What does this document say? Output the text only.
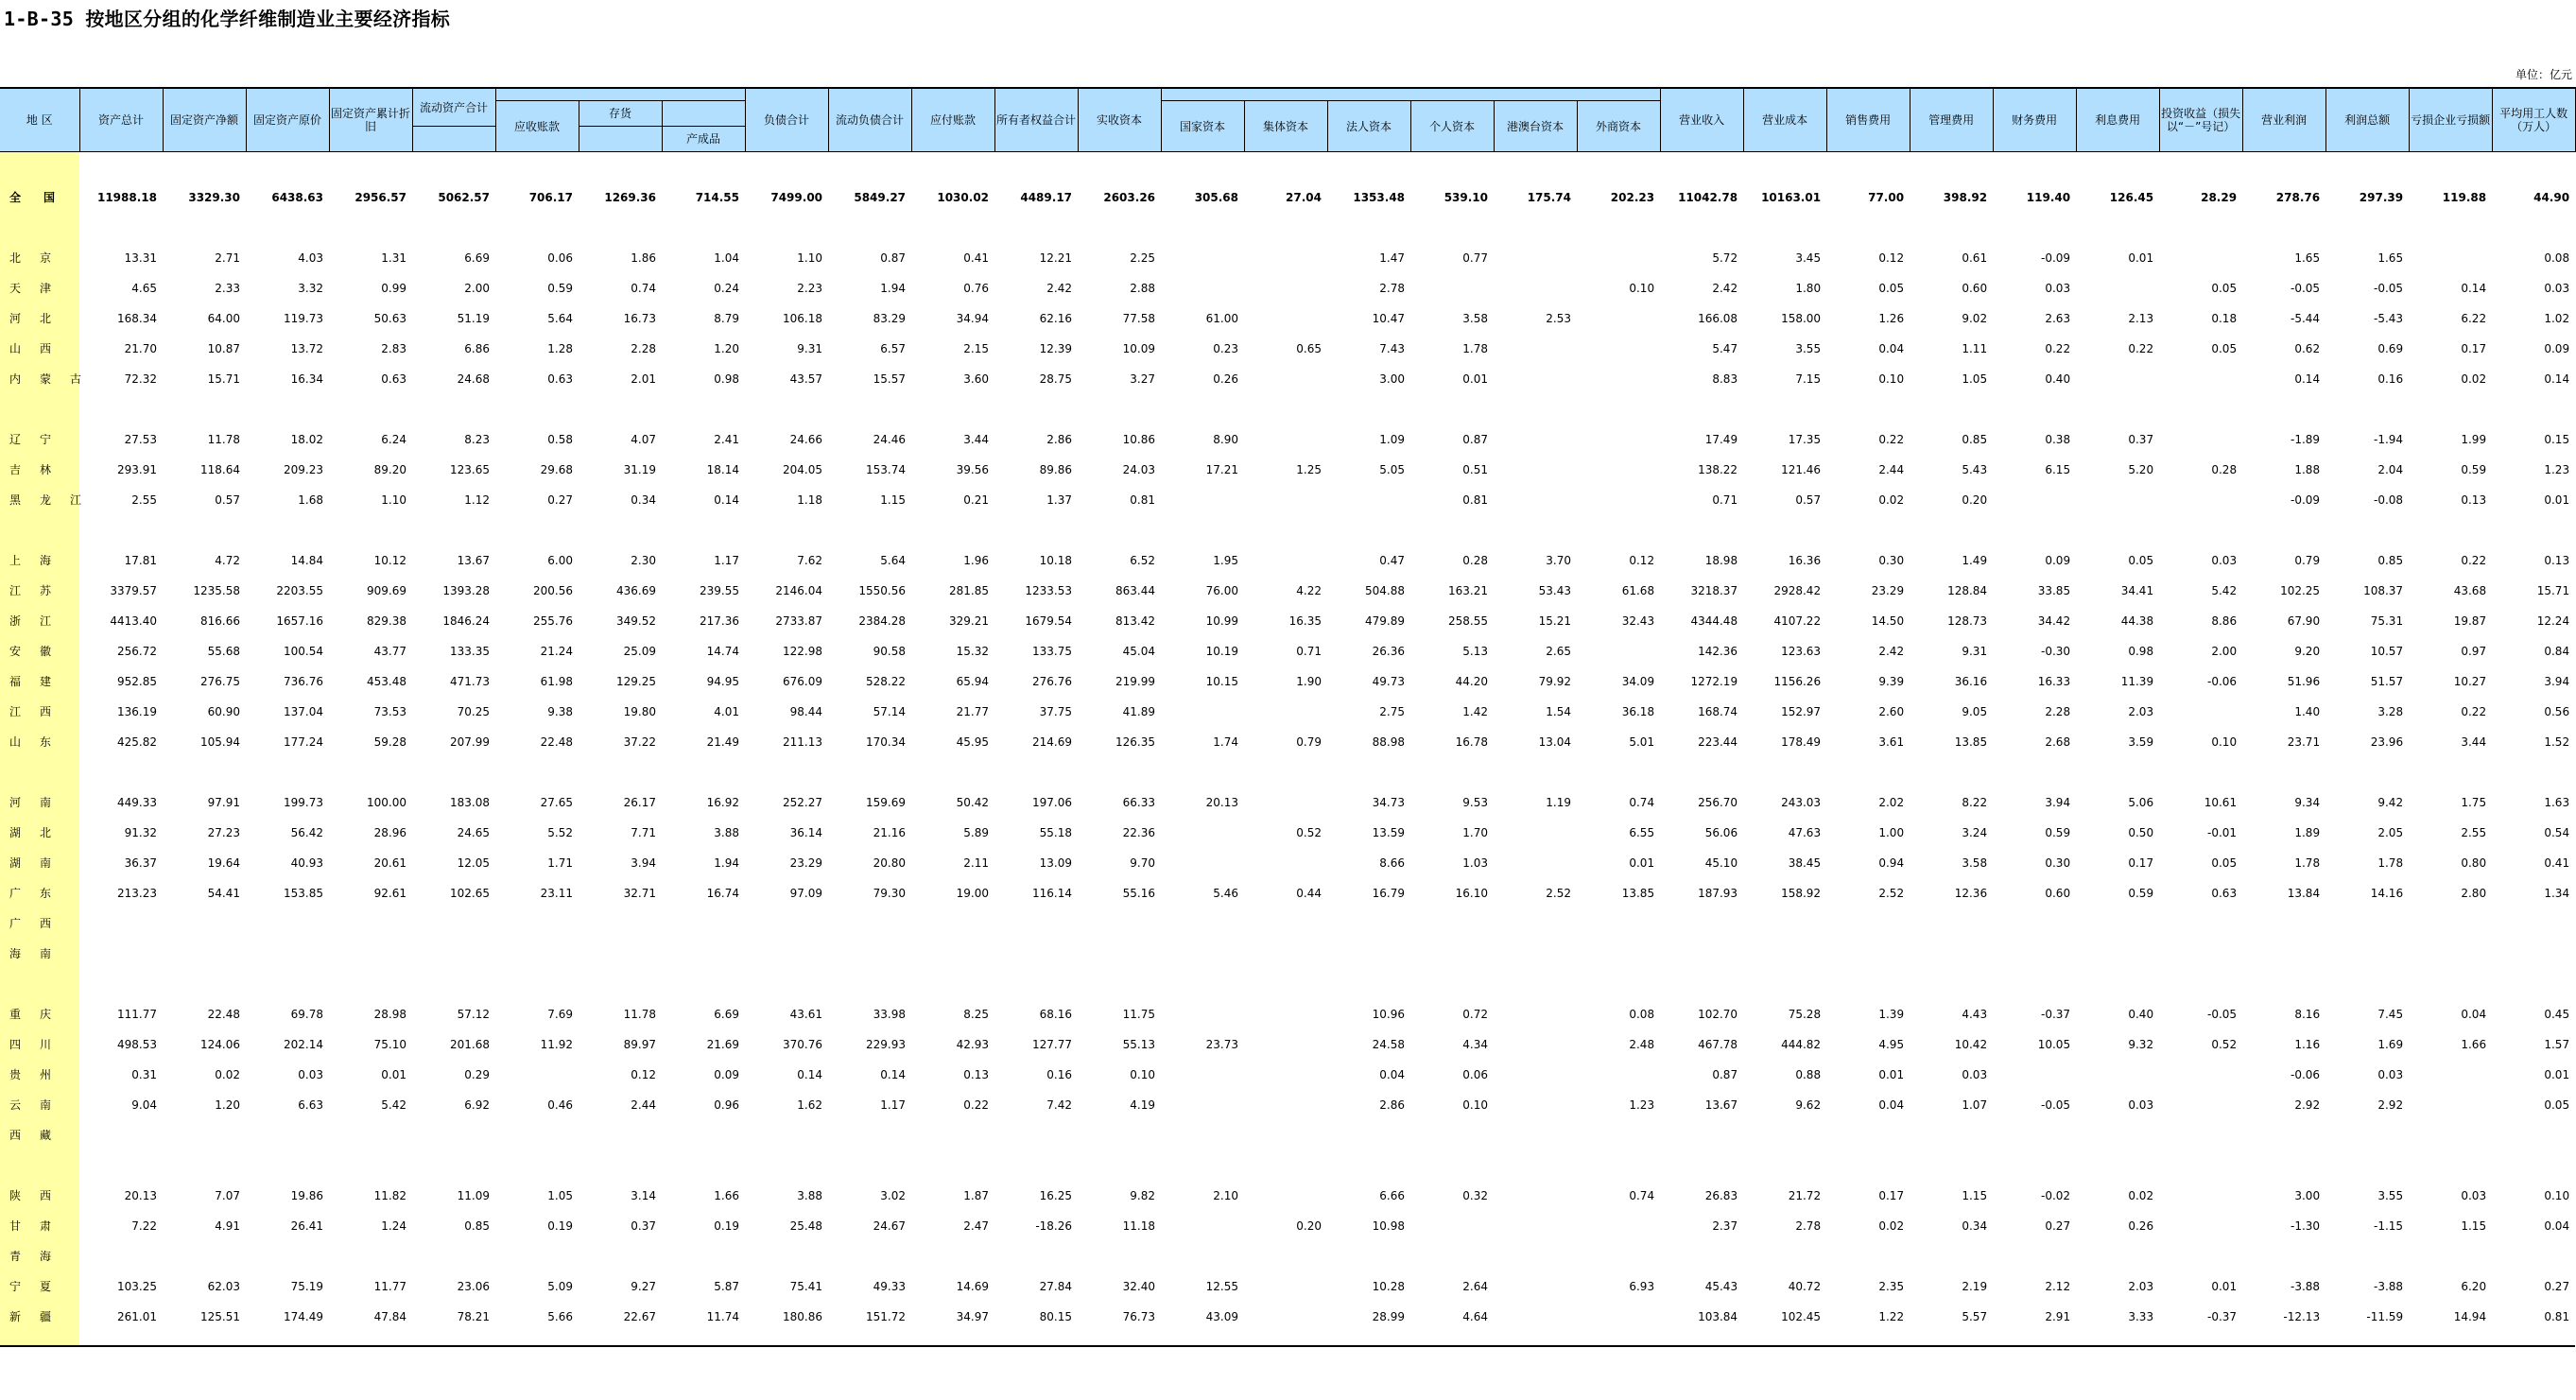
1-B-35 按地区分组的化学纤维制造业主要经济指标
单位：亿元
地 区	资产总计	固定资产净额	固定资产原价	固定资产累计折旧	流动资产合计				负债合计	流动负债合计	应付账款	所有者权益合计	实收资本							营业收入	营业成本	销售费用	管理费用	财务费用	利息费用	投资收益（损失以“－”号记）	营业利润	利润总额	亏损企业亏损额	平均用工人数（万人）
						应收账款	存货							国家资本	集体资本	法人资本	个人资本	港澳台资本	外商资本											
								产成品																						
全国	11988.18	3329.30	6438.63	2956.57	5062.57	706.17	1269.36	714.55	7499.00	5849.27	1030.02	4489.17	2603.26	305.68	27.04	1353.48	539.10	175.74	202.23	11042.78	10163.01	77.00	398.92	119.40	126.45	28.29	278.76	297.39	119.88	44.90
北京	13.31	2.71	4.03	1.31	6.69	0.06	1.86	1.04	1.10	0.87	0.41	12.21	2.25			1.47	0.77			5.72	3.45	0.12	0.61	-0.09	0.01		1.65	1.65		0.08
天津	4.65	2.33	3.32	0.99	2.00	0.59	0.74	0.24	2.23	1.94	0.76	2.42	2.88			2.78			0.10	2.42	1.80	0.05	0.60	0.03		0.05	-0.05	-0.05	0.14	0.03
河北	168.34	64.00	119.73	50.63	51.19	5.64	16.73	8.79	106.18	83.29	34.94	62.16	77.58	61.00		10.47	3.58	2.53		166.08	158.00	1.26	9.02	2.63	2.13	0.18	-5.44	-5.43	6.22	1.02
山西	21.70	10.87	13.72	2.83	6.86	1.28	2.28	1.20	9.31	6.57	2.15	12.39	10.09	0.23	0.65	7.43	1.78			5.47	3.55	0.04	1.11	0.22	0.22	0.05	0.62	0.69	0.17	0.09
内蒙古	72.32	15.71	16.34	0.63	24.68	0.63	2.01	0.98	43.57	15.57	3.60	28.75	3.27	0.26		3.00	0.01			8.83	7.15	0.10	1.05	0.40			0.14	0.16	0.02	0.14

辽宁	27.53	11.78	18.02	6.24	8.23	0.58	4.07	2.41	24.66	24.46	3.44	2.86	10.86	8.90		1.09	0.87			17.49	17.35	0.22	0.85	0.38	0.37		-1.89	-1.94	1.99	0.15
吉林	293.91	118.64	209.23	89.20	123.65	29.68	31.19	18.14	204.05	153.74	39.56	89.86	24.03	17.21	1.25	5.05	0.51			138.22	121.46	2.44	5.43	6.15	5.20	0.28	1.88	2.04	0.59	1.23
黑龙江	2.55	0.57	1.68	1.10	1.12	0.27	0.34	0.14	1.18	1.15	0.21	1.37	0.81				0.81			0.71	0.57	0.02	0.20				-0.09	-0.08	0.13	0.01

上海	17.81	4.72	14.84	10.12	13.67	6.00	2.30	1.17	7.62	5.64	1.96	10.18	6.52	1.95		0.47	0.28	3.70	0.12	18.98	16.36	0.30	1.49	0.09	0.05	0.03	0.79	0.85	0.22	0.13
江苏	3379.57	1235.58	2203.55	909.69	1393.28	200.56	436.69	239.55	2146.04	1550.56	281.85	1233.53	863.44	76.00	4.22	504.88	163.21	53.43	61.68	3218.37	2928.42	23.29	128.84	33.85	34.41	5.42	102.25	108.37	43.68	15.71
浙江	4413.40	816.66	1657.16	829.38	1846.24	255.76	349.52	217.36	2733.87	2384.28	329.21	1679.54	813.42	10.99	16.35	479.89	258.55	15.21	32.43	4344.48	4107.22	14.50	128.73	34.42	44.38	8.86	67.90	75.31	19.87	12.24
安徽	256.72	55.68	100.54	43.77	133.35	21.24	25.09	14.74	122.98	90.58	15.32	133.75	45.04	10.19	0.71	26.36	5.13	2.65		142.36	123.63	2.42	9.31	-0.30	0.98	2.00	9.20	10.57	0.97	0.84
福建	952.85	276.75	736.76	453.48	471.73	61.98	129.25	94.95	676.09	528.22	65.94	276.76	219.99	10.15	1.90	49.73	44.20	79.92	34.09	1272.19	1156.26	9.39	36.16	16.33	11.39	-0.06	51.96	51.57	10.27	3.94
江西	136.19	60.90	137.04	73.53	70.25	9.38	19.80	4.01	98.44	57.14	21.77	37.75	41.89			2.75	1.42	1.54	36.18	168.74	152.97	2.60	9.05	2.28	2.03		1.40	3.28	0.22	0.56
山东	425.82	105.94	177.24	59.28	207.99	22.48	37.22	21.49	211.13	170.34	45.95	214.69	126.35	1.74	0.79	88.98	16.78	13.04	5.01	223.44	178.49	3.61	13.85	2.68	3.59	0.10	23.71	23.96	3.44	1.52

河南	449.33	97.91	199.73	100.00	183.08	27.65	26.17	16.92	252.27	159.69	50.42	197.06	66.33	20.13		34.73	9.53	1.19	0.74	256.70	243.03	2.02	8.22	3.94	5.06	10.61	9.34	9.42	1.75	1.63
湖北	91.32	27.23	56.42	28.96	24.65	5.52	7.71	3.88	36.14	21.16	5.89	55.18	22.36		0.52	13.59	1.70		6.55	56.06	47.63	1.00	3.24	0.59	0.50	-0.01	1.89	2.05	2.55	0.54
湖南	36.37	19.64	40.93	20.61	12.05	1.71	3.94	1.94	23.29	20.80	2.11	13.09	9.70			8.66	1.03		0.01	45.10	38.45	0.94	3.58	0.30	0.17	0.05	1.78	1.78	0.80	0.41
广东	213.23	54.41	153.85	92.61	102.65	23.11	32.71	16.74	97.09	79.30	19.00	116.14	55.16	5.46	0.44	16.79	16.10	2.52	13.85	187.93	158.92	2.52	12.36	0.60	0.59	0.63	13.84	14.16	2.80	1.34
广西																														
海南																														

重庆	111.77	22.48	69.78	28.98	57.12	7.69	11.78	6.69	43.61	33.98	8.25	68.16	11.75			10.96	0.72		0.08	102.70	75.28	1.39	4.43	-0.37	0.40	-0.05	8.16	7.45	0.04	0.45
四川	498.53	124.06	202.14	75.10	201.68	11.92	89.97	21.69	370.76	229.93	42.93	127.77	55.13	23.73		24.58	4.34		2.48	467.78	444.82	4.95	10.42	10.05	9.32	0.52	1.16	1.69	1.66	1.57
贵州	0.31	0.02	0.03	0.01	0.29		0.12	0.09	0.14	0.14	0.13	0.16	0.10			0.04	0.06			0.87	0.88	0.01	0.03				-0.06	0.03		0.01
云南	9.04	1.20	6.63	5.42	6.92	0.46	2.44	0.96	1.62	1.17	0.22	7.42	4.19			2.86	0.10		1.23	13.67	9.62	0.04	1.07	-0.05	0.03		2.92	2.92		0.05
西藏																														

陕西	20.13	7.07	19.86	11.82	11.09	1.05	3.14	1.66	3.88	3.02	1.87	16.25	9.82	2.10		6.66	0.32		0.74	26.83	21.72	0.17	1.15	-0.02	0.02		3.00	3.55	0.03	0.10
甘肃	7.22	4.91	26.41	1.24	0.85	0.19	0.37	0.19	25.48	24.67	2.47	-18.26	11.18		0.20	10.98				2.37	2.78	0.02	0.34	0.27	0.26		-1.30	-1.15	1.15	0.04
青海																														
宁夏	103.25	62.03	75.19	11.77	23.06	5.09	9.27	5.87	75.41	49.33	14.69	27.84	32.40	12.55		10.28	2.64		6.93	45.43	40.72	2.35	2.19	2.12	2.03	0.01	-3.88	-3.88	6.20	0.27
新疆	261.01	125.51	174.49	47.84	78.21	5.66	22.67	11.74	180.86	151.72	34.97	80.15	76.73	43.09		28.99	4.64			103.84	102.45	1.22	5.57	2.91	3.33	-0.37	-12.13	-11.59	14.94	0.81
